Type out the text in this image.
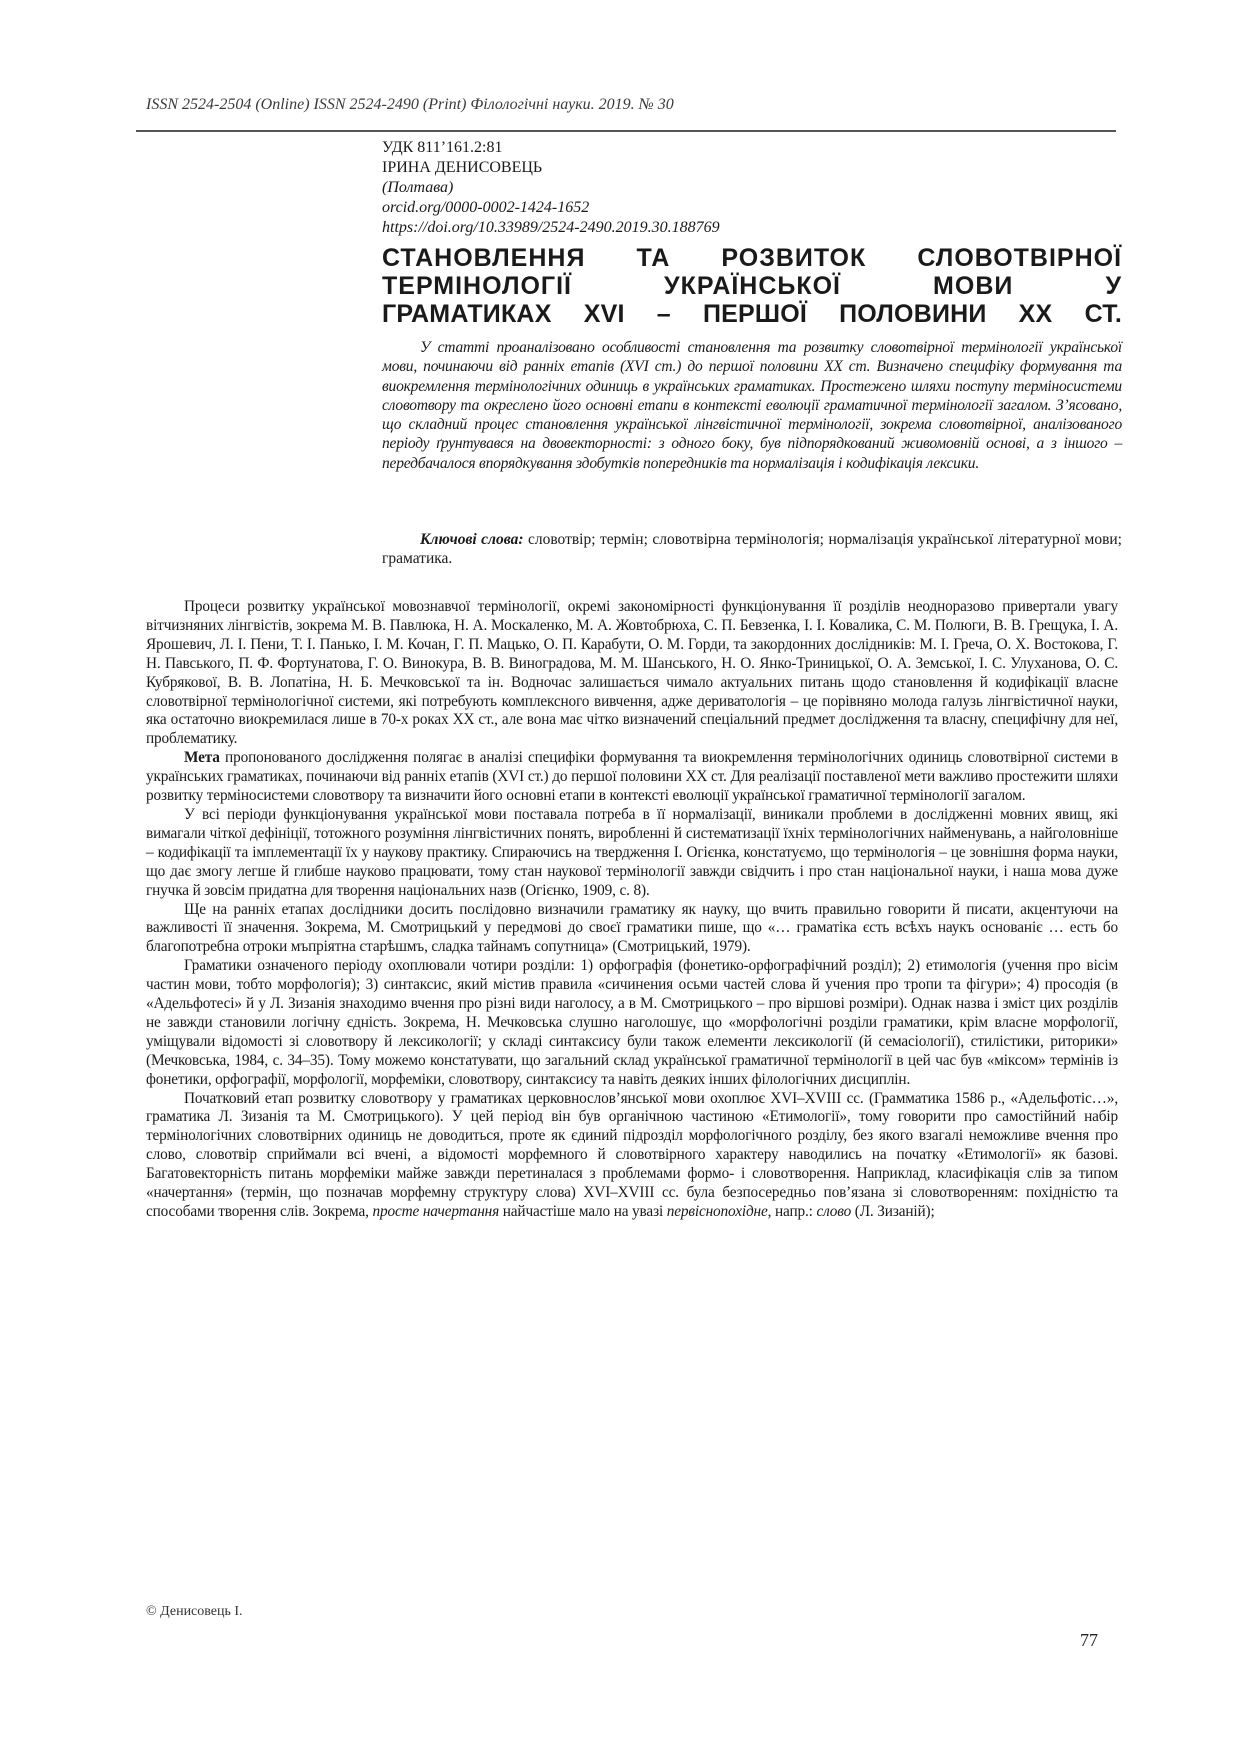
ISSN 2524-2504 (Online) ISSN 2524-2490 (Print) Філологічні науки. 2019. № 30
УДК 811’161.2:81
ІРИНА ДЕНИСОВЕЦЬ
(Полтава)
orcid.org/0000-0002-1424-1652
https://doi.org/10.33989/2524-2490.2019.30.188769
СТАНОВЛЕННЯ ТА РОЗВИТОК СЛОВОТВІРНОЇ
ТЕРМІНОЛОГІЇ УКРАЇНСЬКОЇ МОВИ У
ГРАМАТИКАХ XVI – ПЕРШОЇ ПОЛОВИНИ XX СТ.
У статті проаналізовано особливості становлення та розвитку словотвірної термінології української мови, починаючи від ранніх етапів (XVI ст.) до першої половини XX ст. Визначено специфіку формування та виокремлення термінологічних одиниць в українських граматиках. Простежено шляхи поступу терміносистеми словотвору та окреслено його основні етапи в контексті еволюції граматичної термінології загалом. З’ясовано, що складний процес становлення української лінгвістичної термінології, зокрема словотвірної, аналізованого періоду ґрунтувався на двовекторності: з одного боку, був підпорядкований живомовній основі, а з іншого – передбачалося впорядкування здобутків попередників та нормалізація і кодифікація лексики.
Ключові слова: словотвір; термін; словотвірна термінологія; нормалізація української літературної мови; граматика.

Процеси розвитку української мовознавчої термінології, окремі закономірності функціонування її розділів неодноразово привертали увагу вітчизняних лінгвістів, зокрема М. В. Павлюка, Н. А. Москаленко, М. А. Жовтобрюха, С. П. Бевзенка, І. І. Ковалика, С. М. Полюги, В. В. Грещука, І. А. Ярошевич, Л. І. Пени, Т. І. Панько, І. М. Кочан, Г. П. Мацько, О. П. Карабути, О. М. Горди, та закордонних дослідників: М. І. Греча, О. Х. Востокова, Г. Н. Павського, П. Ф. Фортунатова, Г. О. Винокура, В. В. Виноградова, М. М. Шанського, Н. О. Янко-Триницької, О. А. Земської, І. С. Улуханова, О. С. Кубрякової, В. В. Лопатіна, Н. Б. Мечковської та ін. Водночас залишається чимало актуальних питань щодо становлення й кодифікації власне словотвірної термінологічної системи, які потребують комплексного вивчення, адже дериватологія – це порівняно молода галузь лінгвістичної науки, яка остаточно виокремилася лише в 70-х роках XX ст., але вона має чітко визначений спеціальний предмет дослідження та власну, специфічну для неї, проблематику.

Мета пропонованого дослідження полягає в аналізі специфіки формування та виокремлення термінологічних одиниць словотвірної системи в українських граматиках, починаючи від ранніх етапів (XVI ст.) до першої половини XX ст. Для реалізації поставленої мети важливо простежити шляхи розвитку терміносистеми словотвору та визначити його основні етапи в контексті еволюції української граматичної термінології загалом.

У всі періоди функціонування української мови поставала потреба в її нормалізації, виникали проблеми в дослідженні мовних явищ, які вимагали чіткої дефініції, тотожного розуміння лінгвістичних понять, виробленні й систематизації їхніх термінологічних найменувань, а найголовніше – кодифікації та імплементації їх у наукову практику. Спираючись на твердження І. Огієнка, констатуємо, що термінологія – це зовнішня форма науки, що дає змогу легше й глибше науково працювати, тому стан наукової термінології завжди свідчить і про стан національної науки, і наша мова дуже гнучка й зовсім придатна для творення національних назв (Огієнко, 1909, с. 8).

Ще на ранніх етапах дослідники досить послідовно визначили граматику як науку, що вчить правильно говорити й писати, акцентуючи на важливості її значення. Зокрема, М. Смотрицький у передмові до своєї граматики пише, що «… граматіка єсть всѣхъ наукъ основаніє … есть бо благопотребна отроки мъпріятна старѣшмъ, сладка тайнамъ сопутница» (Смотрицький, 1979).

Граматики означеного періоду охоплювали чотири розділи: 1) орфографія (фонетико-орфографічний розділ); 2) етимологія (учення про вісім частин мови, тобто морфологія); 3) синтаксис, який містив правила «сичинения осьми частей слова й учения про тропи та фігури»; 4) просодія (в «Адельфотесі» й у Л. Зизанія знаходимо вчення про різні види наголосу, а в М. Смотрицького – про віршові розміри). Однак назва і зміст цих розділів не завжди становили логічну єдність. Зокрема, Н. Мечковська слушно наголошує, що «морфологічні розділи граматики, крім власне морфології, уміщували відомості зі словотвору й лексикології; у складі синтаксису були також елементи лексикології (й семасіології), стилістики, риторики» (Мечковська, 1984, с. 34–35). Тому можемо констатувати, що загальний склад української граматичної термінології в цей час був «міксом» термінів із фонетики, орфографії, морфології, морфеміки, словотвору, синтаксису та навіть деяких інших філологічних дисциплін.

Початковий етап розвитку словотвору у граматиках церковнослов’янської мови охоплює XVI–XVIII сс. (Грамматика 1586 р., «Адельфотіс…», граматика Л. Зизанія та М. Смотрицького). У цей період він був органічною частиною «Етимології», тому говорити про самостійний набір термінологічних словотвірних одиниць не доводиться, проте як єдиний підрозділ морфологічного розділу, без якого взагалі неможливе вчення про слово, словотвір сприймали всі вчені, а відомості морфемного й словотвірного характеру наводились на початку «Етимології» як базові. Багатовекторність питань морфеміки майже завжди перетиналася з проблемами формо- і словотворення. Наприклад, класифікація слів за типом «начертання» (термін, що позначав морфемну структуру слова) XVI–XVIII сс. була безпосередньо пов’язана зі словотворенням: похідністю та способами творення слів. Зокрема, просте начертання найчастіше мало на увазі первіснопохідне, напр.: слово (Л. Зизаній);

© Денисовець І.
77
